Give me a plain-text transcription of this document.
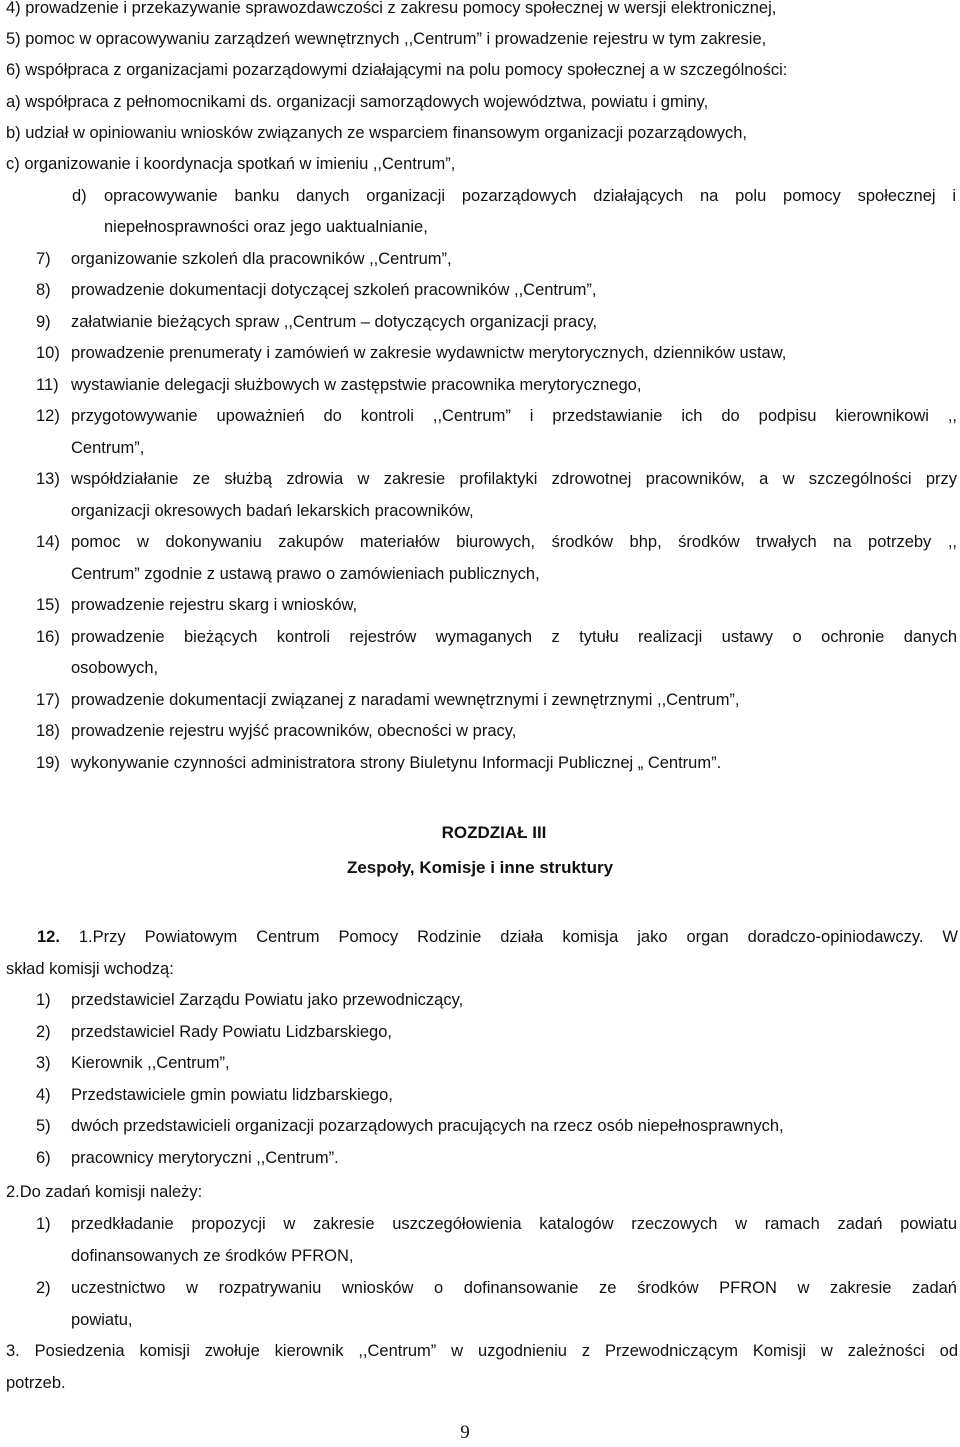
4) prowadzenie i przekazywanie sprawozdawczości z zakresu pomocy społecznej w wersji elektronicznej,
5) pomoc w opracowywaniu zarządzeń wewnętrznych ,,Centrum” i prowadzenie rejestru w tym zakresie,
6) współpraca z organizacjami pozarządowymi działającymi na polu pomocy społecznej a w szczególności:
a) współpraca z pełnomocnikami ds. organizacji samorządowych województwa, powiatu i gminy,
b) udział w opiniowaniu wniosków związanych ze wsparciem finansowym organizacji pozarządowych,
c) organizowanie i koordynacja spotkań w imieniu ,,Centrum”,
d) opracowywanie banku danych organizacji pozarządowych działających na polu pomocy społecznej i
niepełnosprawności oraz jego uaktualnianie,
7) organizowanie szkoleń dla pracowników ,,Centrum”,
8) prowadzenie dokumentacji dotyczącej szkoleń pracowników ,,Centrum”,
9) załatwianie bieżących spraw ,,Centrum – dotyczących organizacji pracy,
10) prowadzenie prenumeraty i zamówień w zakresie wydawnictw merytorycznych, dzienników ustaw,
11) wystawianie delegacji służbowych w zastępstwie pracownika merytorycznego,
12) przygotowywanie upoważnień do kontroli ,,Centrum” i przedstawianie ich do podpisu kierownikowi ,,
Centrum”,
13) współdziałanie ze służbą zdrowia w zakresie profilaktyki zdrowotnej pracowników, a w szczególności przy
organizacji okresowych badań lekarskich pracowników,
14) pomoc w dokonywaniu zakupów materiałów biurowych, środków bhp, środków trwałych na potrzeby ,,
Centrum” zgodnie z ustawą prawo o zamówieniach publicznych,
15) prowadzenie rejestru skarg i wniosków,
16) prowadzenie bieżących kontroli rejestrów wymaganych z tytułu realizacji ustawy o ochronie danych
osobowych,
17) prowadzenie dokumentacji związanej z naradami wewnętrznymi i zewnętrznymi ,,Centrum”,
18) prowadzenie rejestru wyjść pracowników, obecności w pracy,
19) wykonywanie czynności administratora strony Biuletynu Informacji Publicznej „ Centrum”.
ROZDZIAŁ III
Zespoły, Komisje i inne struktury
12. 1.Przy Powiatowym Centrum Pomocy Rodzinie działa komisja jako organ doradczo-opiniodawczy. W
skład komisji wchodzą:
1) przedstawiciel Zarządu Powiatu jako przewodniczący,
2) przedstawiciel Rady Powiatu Lidzbarskiego,
3) Kierownik ,,Centrum”,
4) Przedstawiciele gmin powiatu lidzbarskiego,
5) dwóch przedstawicieli organizacji pozarządowych pracujących na rzecz osób niepełnosprawnych,
6) pracownicy merytoryczni ,,Centrum”.
2.Do zadań komisji należy:
1) przedkładanie propozycji w zakresie uszczegółowienia katalogów rzeczowych w ramach zadań powiatu
dofinansowanych ze środków PFRON,
2) uczestnictwo w rozpatrywaniu wniosków o dofinansowanie ze środków PFRON w zakresie zadań
powiatu,
3. Posiedzenia komisji zwołuje kierownik ,,Centrum” w uzgodnieniu z Przewodniczącym Komisji w zależności od
potrzeb.
9
